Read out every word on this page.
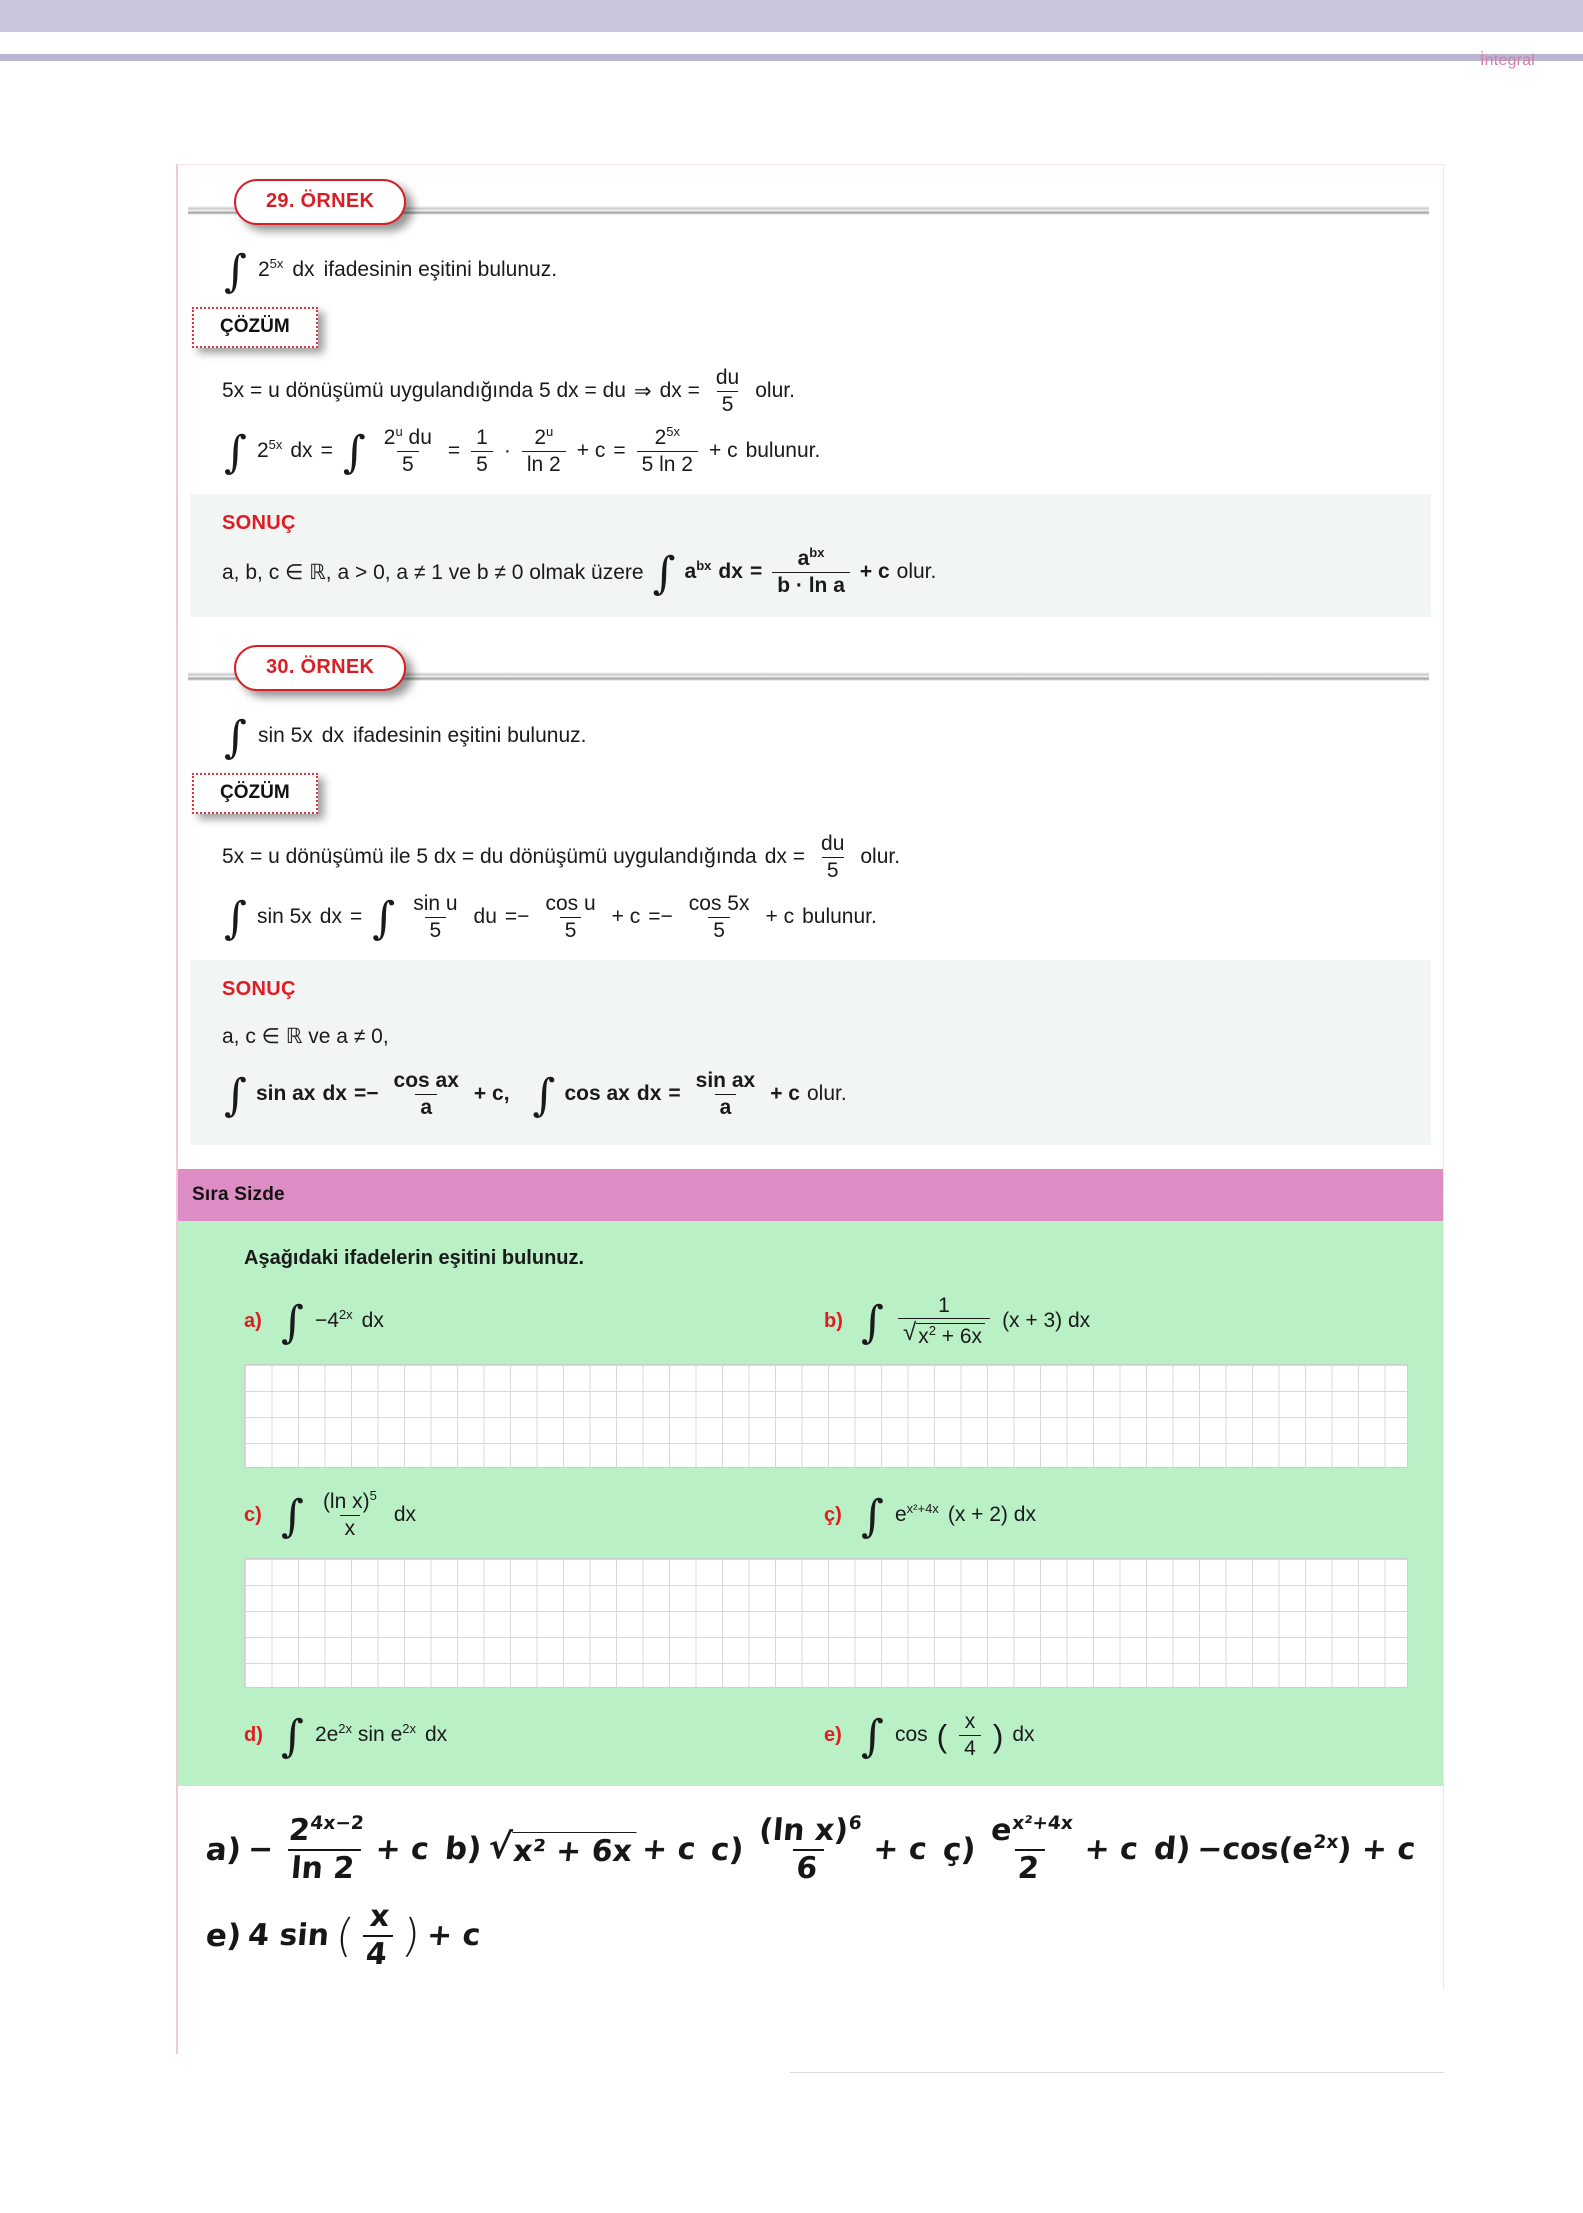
İntegral
29. ÖRNEK
∫ $2^{5x}$ dx ifadesinin eşitini bulunuz.
ÇÖZÜM
5x = u dönüşümü uygulandığında 5 dx = du ⇒ dx = $\frac{du}{5}$ olur.
∫ $2^{5x}$ dx = ∫ $\frac{2^u du}{5} = \frac{1}{5} \cdot \frac{2^u}{\ln 2} + c = \frac{2^{5x}}{5 \ln 2} + c$ bulunur.
SONUÇ
a, b, c ∈ ℝ, a > 0, a ≠ 1 ve b ≠ 0 olmak üzere ∫ $a^{bx}$ dx = $\frac{a^{bx}}{\text{b · ln a}} + c$ olur.
30. ÖRNEK
∫ sin 5x dx ifadesinin eşitini bulunuz.
ÇÖZÜM
5x = u dönüşümü ile 5 dx = du dönüşümü uygulandığında dx = $\frac{du}{5}$ olur.
∫ sin 5x dx = ∫ $\frac{\text{sin u}}{5}$ du =− $\frac{\text{cos u}}{5} + c =- \frac{\cos 5x}{5} + c$ bulunur.
SONUÇ
a, c ∈ ℝ ve a ≠ 0,
∫ sin ax dx =− $\frac{\text{cos ax}}{a} + c$, ∫ cos ax dx = $\frac{\text{sin ax}}{a} + c$ olur.
Sıra Sizde
Aşağıdaki ifadelerin eşitini bulunuz.
a) ∫ $-4^{2x}$ dx	b) ∫ $\frac{1}{√ x^2 + 6x} (x + 3)$ dx
c) ∫ $\frac{(\ln x)^5}{x}$ dx	ç) ∫ $e^{x^2+4x}$ (x + 2) dx
d) ∫ $2e^{2x}$ $\sin e^{2x}$ dx	e) ∫ cos ( $\frac{x}{4}$ ) dx
$a) - \frac{2^{4x-2}}{\ln 2} + c$ b) √
x² + 6x + c $c) \frac{(\ln x)^6}{6} + c$ ç) $\frac{e^{x^2+4x}}{2} + c$ $d) -\cos(e^{2x}) + c$
e) 4 sin ( $\frac{x}{4}$ ) + c
